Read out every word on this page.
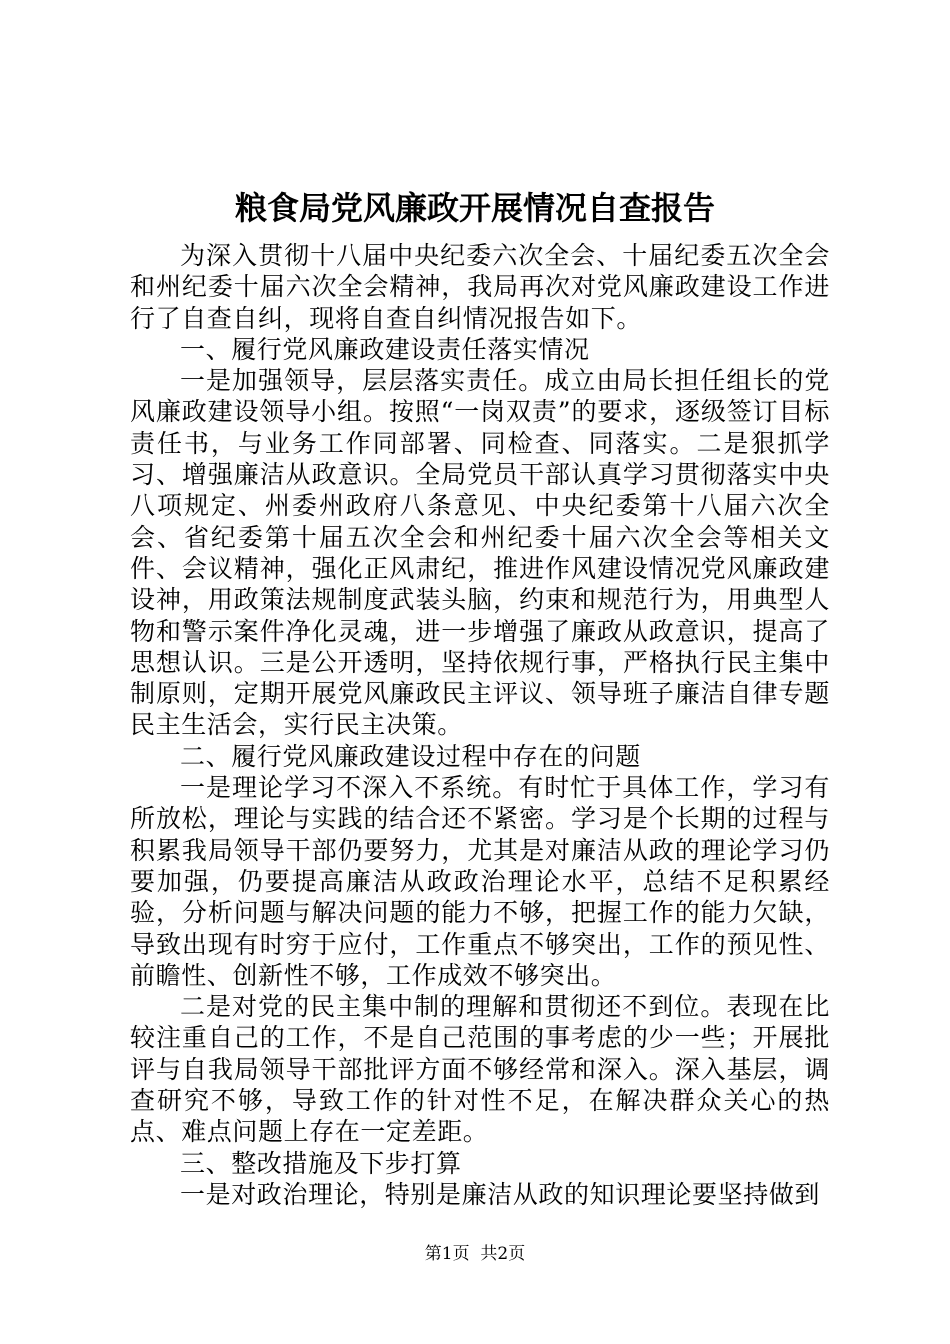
粮食局党风廉政开展情况自查报告

为深入贯彻十八届中央纪委六次全会、十届纪委五次全会和州纪委十届六次全会精神，我局再次对党风廉政建设工作进行了自查自纠，现将自查自纠情况报告如下。

一、履行党风廉政建设责任落实情况

一是加强领导，层层落实责任。成立由局长担任组长的党风廉政建设领导小组。按照“一岗双责”的要求，逐级签订目标责任书，与业务工作同部署、同检查、同落实。二是狠抓学习、增强廉洁从政意识。全局党员干部认真学习贯彻落实中央八项规定、州委州政府八条意见、中央纪委第十八届六次全会、省纪委第十届五次全会和州纪委十届六次全会等相关文件、会议精神，强化正风肃纪，推进作风建设情况党风廉政建设神，用政策法规制度武装头脑，约束和规范行为，用典型人物和警示案件净化灵魂，进一步增强了廉政从政意识，提高了思想认识。三是公开透明，坚持依规行事，严格执行民主集中制原则，定期开展党风廉政民主评议、领导班子廉洁自律专题民主生活会，实行民主决策。

二、履行党风廉政建设过程中存在的问题

一是理论学习不深入不系统。有时忙于具体工作，学习有所放松，理论与实践的结合还不紧密。学习是个长期的过程与积累我局领导干部仍要努力，尤其是对廉洁从政的理论学习仍要加强，仍要提高廉洁从政政治理论水平，总结不足积累经验，分析问题与解决问题的能力不够，把握工作的能力欠缺，导致出现有时穷于应付，工作重点不够突出，工作的预见性、前瞻性、创新性不够，工作成效不够突出。

二是对党的民主集中制的理解和贯彻还不到位。表现在比较注重自己的工作，不是自己范围的事考虑的少一些；开展批评与自我局领导干部批评方面不够经常和深入。深入基层，调查研究不够，导致工作的针对性不足，在解决群众关心的热点、难点问题上存在一定差距。

三、整改措施及下步打算

一是对政治理论，特别是廉洁从政的知识理论要坚持做到

第1页 共2页
